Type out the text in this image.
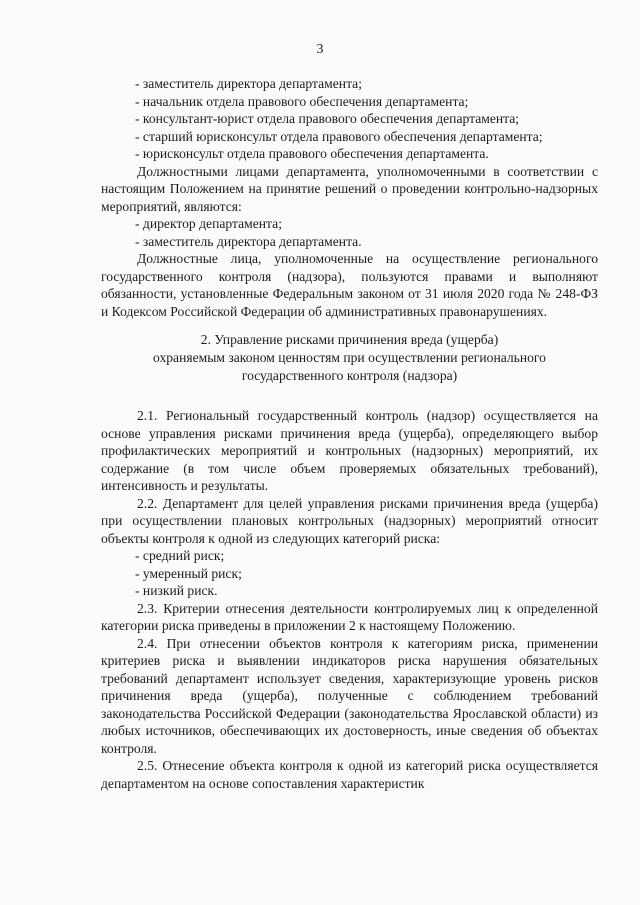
3

- заместитель директора департамента;

- начальник отдела правового обеспечения департамента;

- консультант-юрист отдела правового обеспечения департамента;

- старший юрисконсульт отдела правового обеспечения департамента;

- юрисконсульт отдела правового обеспечения департамента.

Должностными лицами департамента, уполномоченными в соответствии с настоящим Положением на принятие решений о проведении контрольно-надзорных мероприятий, являются:

- директор департамента;

- заместитель директора департамента.

Должностные лица, уполномоченные на осуществление регионального государственного контроля (надзора), пользуются правами и выполняют обязанности, установленные Федеральным законом от 31 июля 2020 года № 248-ФЗ и Кодексом Российской Федерации об административных правонарушениях.

2. Управление рисками причинения вреда (ущерба)
охраняемым законом ценностям при осуществлении регионального
государственного контроля (надзора)

2.1. Региональный государственный контроль (надзор) осуществляется на основе управления рисками причинения вреда (ущерба), определяющего выбор профилактических мероприятий и контрольных (надзорных) мероприятий, их содержание (в том числе объем проверяемых обязательных требований), интенсивность и результаты.

2.2. Департамент для целей управления рисками причинения вреда (ущерба) при осуществлении плановых контрольных (надзорных) мероприятий относит объекты контроля к одной из следующих категорий риска:

- средний риск;

- умеренный риск;

- низкий риск.

2.3. Критерии отнесения деятельности контролируемых лиц к определенной категории риска приведены в приложении 2 к настоящему Положению.

2.4. При отнесении объектов контроля к категориям риска, применении критериев риска и выявлении индикаторов риска нарушения обязательных требований департамент использует сведения, характеризующие уровень рисков причинения вреда (ущерба), полученные с соблюдением требований законодательства Российской Федерации (законодательства Ярославской области) из любых источников, обеспечивающих их достоверность, иные сведения об объектах контроля.

2.5. Отнесение объекта контроля к одной из категорий риска осуществляется департаментом на основе сопоставления характеристик
